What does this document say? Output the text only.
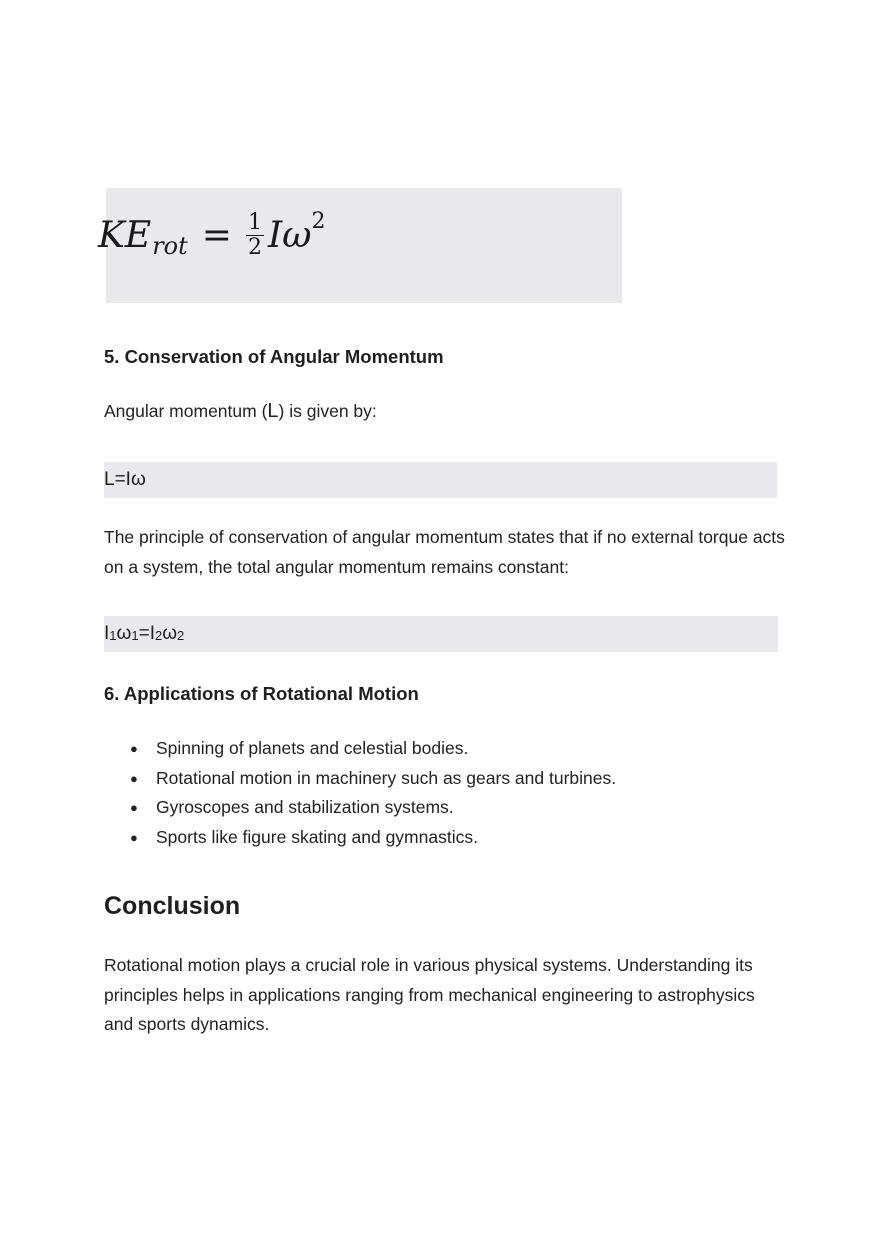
KE rot = $\frac{1}{2}$ I ω 2
5. Conservation of Angular Momentum

Angular momentum (L) is given by:

L=Iω

The principle of conservation of angular momentum states that if no external torque acts on a system, the total angular momentum remains constant:

$I_1\omega_1=I_2\omega_2$
6. Applications of Rotational Motion
●	Spinning of planets and celestial bodies.
●	Rotational motion in machinery such as gears and turbines.
●	Gyroscopes and stabilization systems.
●	Sports like figure skating and gymnastics.
Conclusion

Rotational motion plays a crucial role in various physical systems. Understanding its principles helps in applications ranging from mechanical engineering to astrophysics and sports dynamics.
